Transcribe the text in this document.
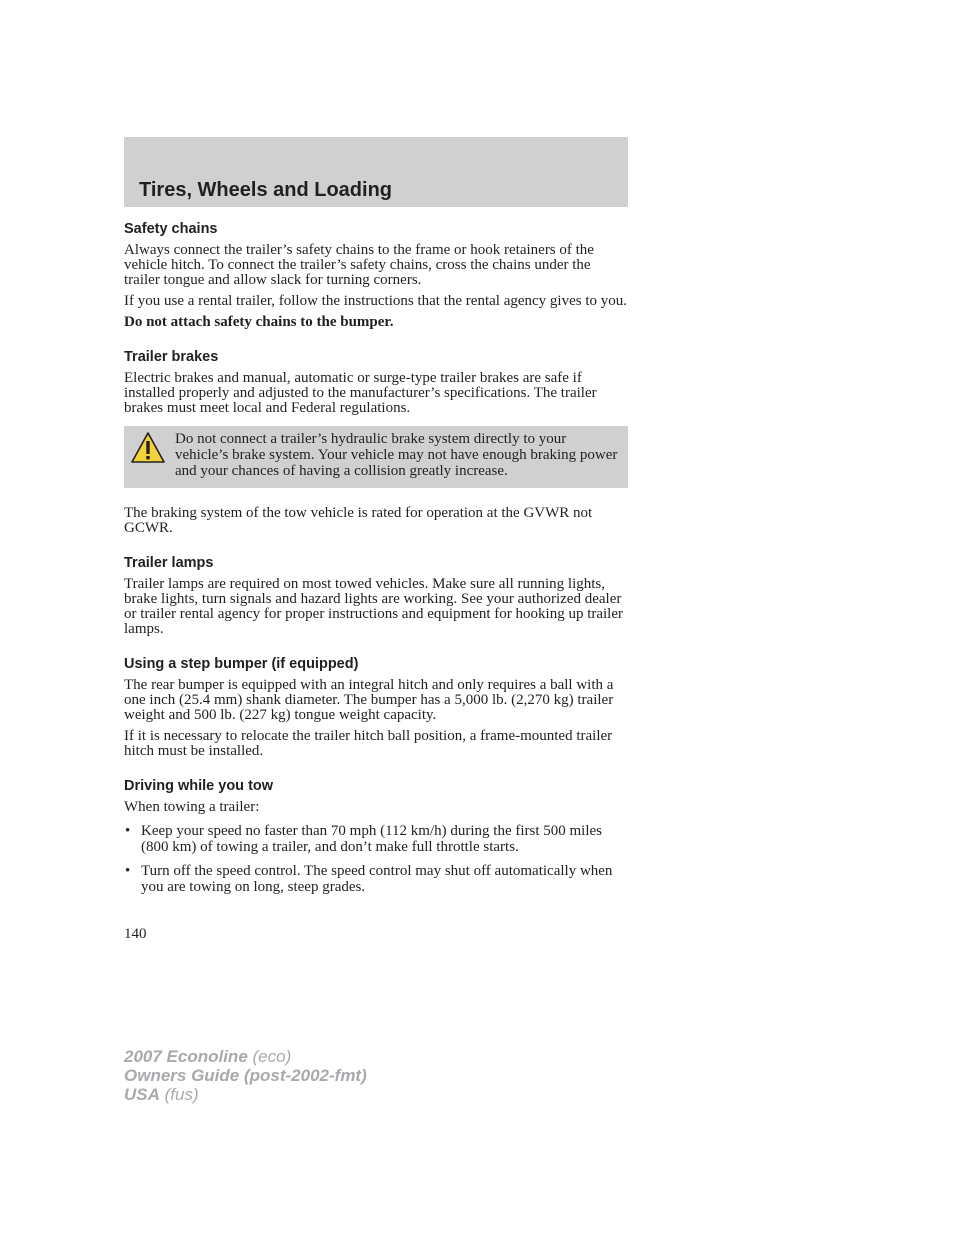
Tires, Wheels and Loading
Safety chains

Always connect the trailer’s safety chains to the frame or hook retainers of the vehicle hitch. To connect the trailer’s safety chains, cross the chains under the trailer tongue and allow slack for turning corners.

If you use a rental trailer, follow the instructions that the rental agency gives to you.

Do not attach safety chains to the bumper.

Trailer brakes

Electric brakes and manual, automatic or surge-type trailer brakes are safe if installed properly and adjusted to the manufacturer’s specifications. The trailer brakes must meet local and Federal regulations.

Do not connect a trailer’s hydraulic brake system directly to your vehicle’s brake system. Your vehicle may not have enough braking power and your chances of having a collision greatly increase.

The braking system of the tow vehicle is rated for operation at the GVWR not GCWR.

Trailer lamps

Trailer lamps are required on most towed vehicles. Make sure all running lights, brake lights, turn signals and hazard lights are working. See your authorized dealer or trailer rental agency for proper instructions and equipment for hooking up trailer lamps.

Using a step bumper (if equipped)

The rear bumper is equipped with an integral hitch and only requires a ball with a one inch (25.4 mm) shank diameter. The bumper has a 5,000 lb. (2,270 kg) trailer weight and 500 lb. (227 kg) tongue weight capacity.

If it is necessary to relocate the trailer hitch ball position, a frame-mounted trailer hitch must be installed.

Driving while you tow

When towing a trailer:

• Keep your speed no faster than 70 mph (112 km/h) during the first 500 miles (800 km) of towing a trailer, and don’t make full throttle starts.
• Turn off the speed control. The speed control may shut off automatically when you are towing on long, steep grades.
140
2007 Econoline (eco)
Owners Guide (post-2002-fmt)
USA (fus)
